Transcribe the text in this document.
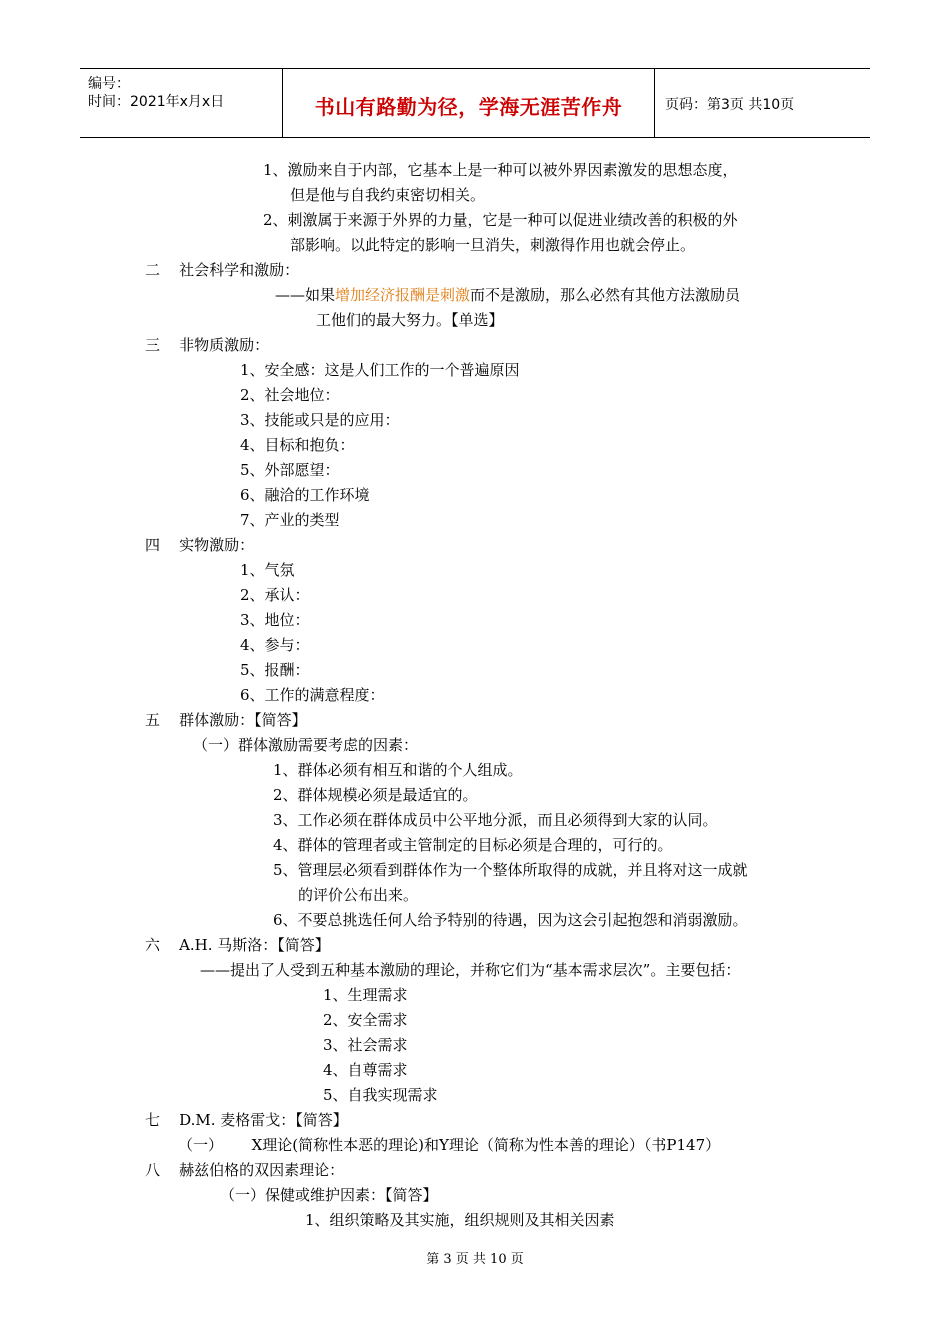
编号：
时间：2021年x月x日	书山有路勤为径，学海无涯苦作舟	页码：第3页 共10页
1、激励来自于内部，它基本上是一种可以被外界因素激发的思想态度，
但是他与自我约束密切相关。
2、刺激属于来源于外界的力量，它是一种可以促进业绩改善的积极的外
部影响。以此特定的影响一旦消失，刺激得作用也就会停止。
二    社会科学和激励：
——如果增加经济报酬是刺激而不是激励，那么必然有其他方法激励员
工他们的最大努力。【单选】
三    非物质激励：
1、安全感：这是人们工作的一个普遍原因
2、社会地位：
3、技能或只是的应用：
4、目标和抱负：
5、外部愿望：
6、融洽的工作环境
7、产业的类型
四    实物激励：
1、气氛
2、承认：
3、地位：
4、参与：
5、报酬：
6、工作的满意程度：
五    群体激励：【简答】
（一）群体激励需要考虑的因素：
1、群体必须有相互和谐的个人组成。
2、群体规模必须是最适宜的。
3、工作必须在群体成员中公平地分派，而且必须得到大家的认同。
4、群体的管理者或主管制定的目标必须是合理的，可行的。
5、管理层必须看到群体作为一个整体所取得的成就，并且将对这一成就
的评价公布出来。
6、不要总挑选任何人给予特别的待遇，因为这会引起抱怨和消弱激励。
六    A.H. 马斯洛：【简答】
——提出了人受到五种基本激励的理论，并称它们为“基本需求层次”。主要包括：
1、生理需求
2、安全需求
3、社会需求
4、自尊需求
5、自我实现需求
七    D.M. 麦格雷戈：【简答】
（一）      X理论(简称性本恶的理论)和Y理论（简称为性本善的理论）（书P147）
八    赫兹伯格的双因素理论：
（一）保健或维护因素：【简答】
1、组织策略及其实施，组织规则及其相关因素
第 3 页 共 10 页
